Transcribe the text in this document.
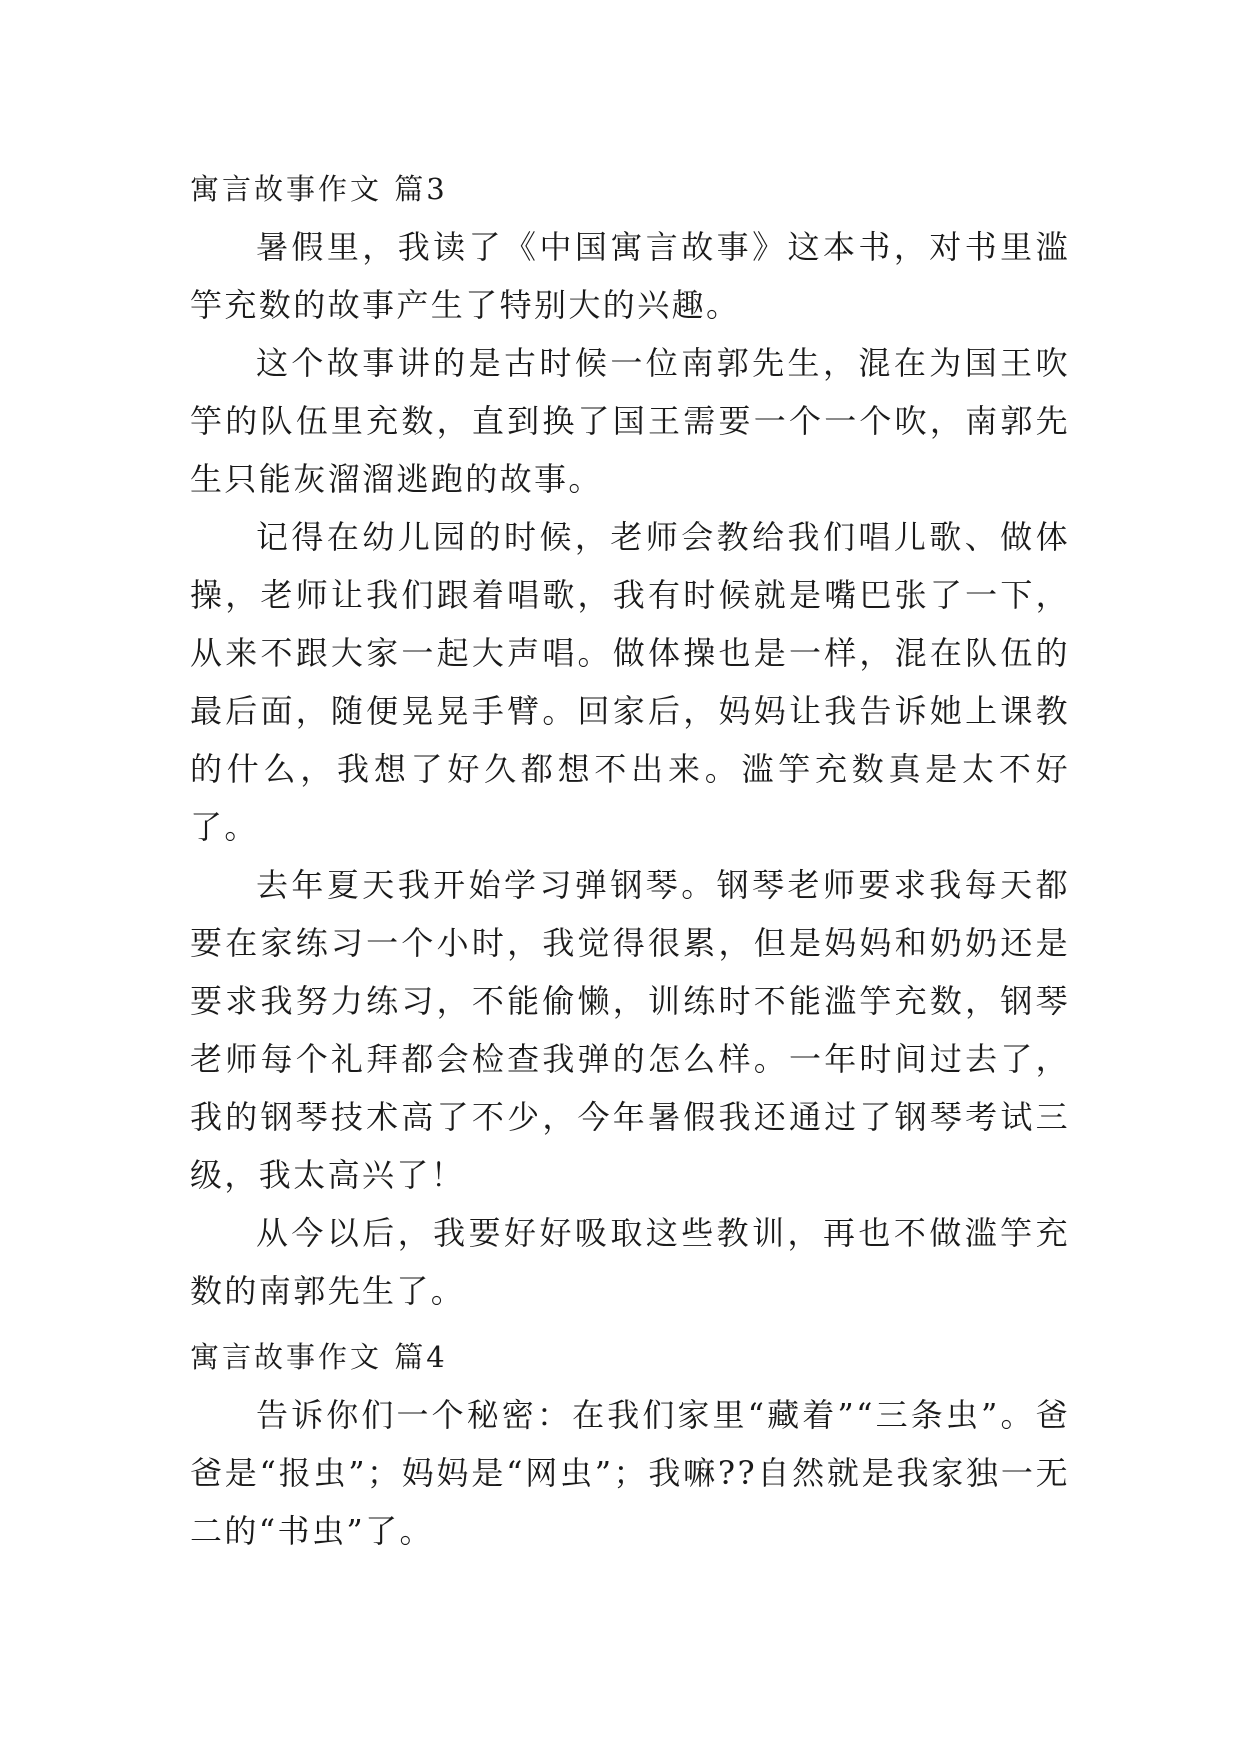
寓言故事作文 篇3

暑假里，我读了《中国寓言故事》这本书，对书里滥竽充数的故事产生了特别大的兴趣。

这个故事讲的是古时候一位南郭先生，混在为国王吹竽的队伍里充数，直到换了国王需要一个一个吹，南郭先生只能灰溜溜逃跑的故事。

记得在幼儿园的时候，老师会教给我们唱儿歌、做体操，老师让我们跟着唱歌，我有时候就是嘴巴张了一下，从来不跟大家一起大声唱。做体操也是一样，混在队伍的最后面，随便晃晃手臂。回家后，妈妈让我告诉她上课教的什么，我想了好久都想不出来。滥竽充数真是太不好了。

去年夏天我开始学习弹钢琴。钢琴老师要求我每天都要在家练习一个小时，我觉得很累，但是妈妈和奶奶还是要求我努力练习，不能偷懒，训练时不能滥竽充数，钢琴老师每个礼拜都会检查我弹的怎么样。一年时间过去了，我的钢琴技术高了不少，今年暑假我还通过了钢琴考试三级，我太高兴了！

从今以后，我要好好吸取这些教训，再也不做滥竽充数的南郭先生了。

寓言故事作文 篇4

告诉你们一个秘密：在我们家里“藏着”“三条虫”。爸爸是“报虫”；妈妈是“网虫”；我嘛??自然就是我家独一无二的“书虫”了。
